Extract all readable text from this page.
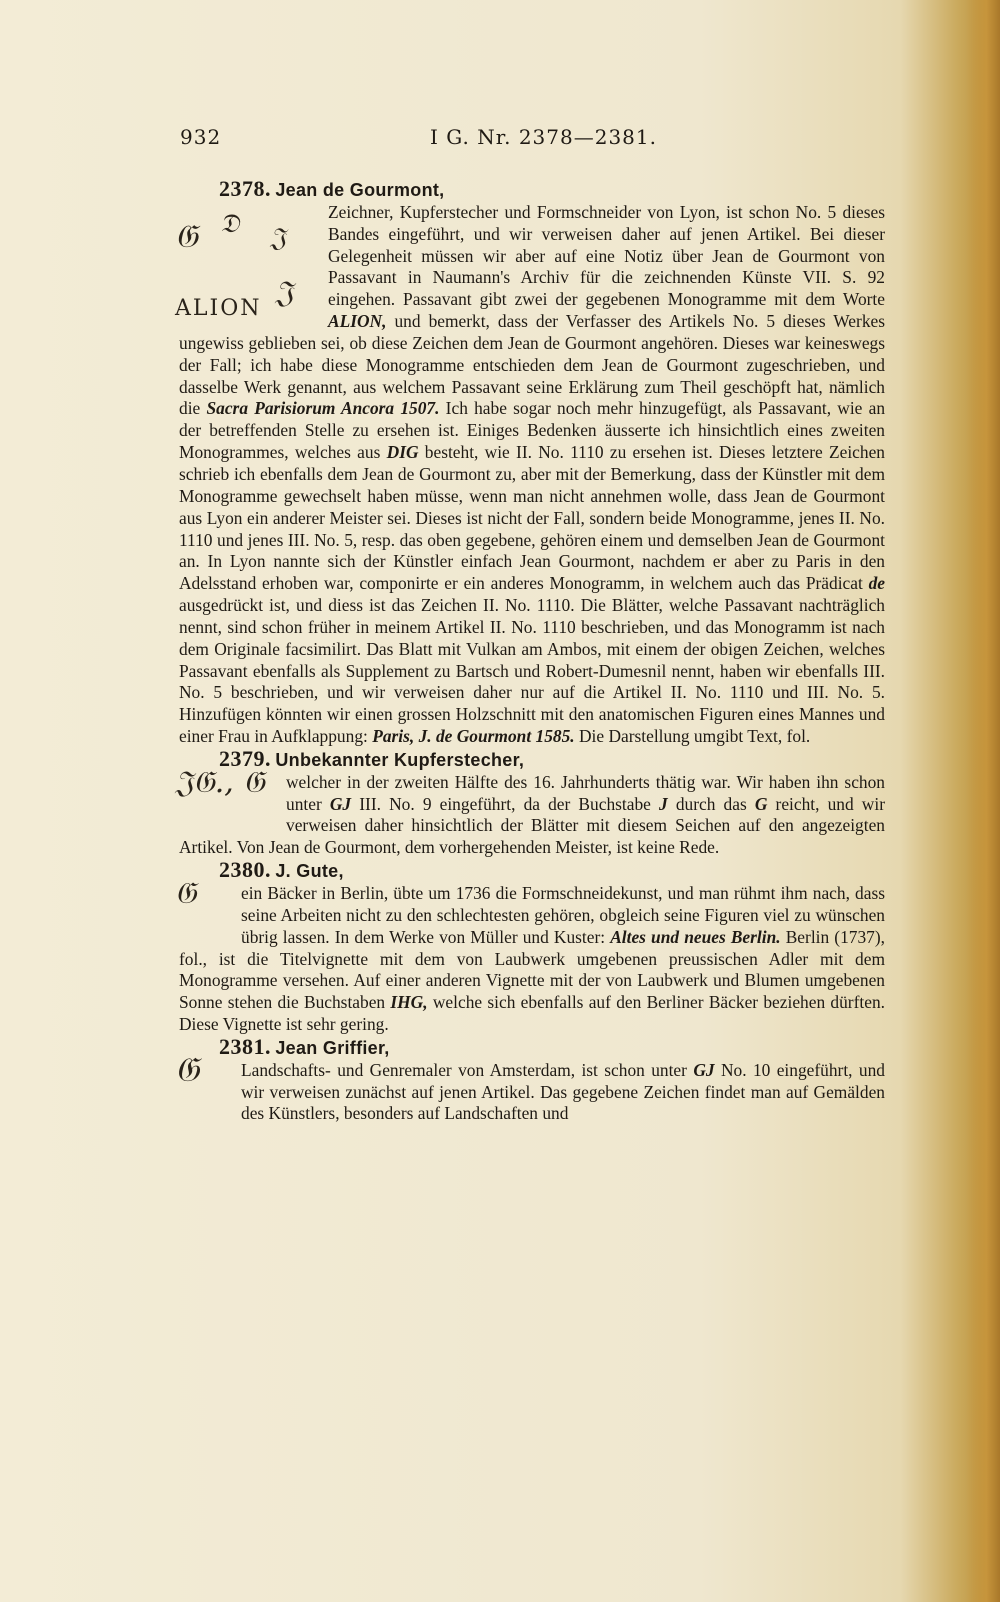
932	I G. Nr. 2378—2381.

2378. Jean de Gourmont,

𝔊 𝔇 𝔍
𝔍
ALION

Zeichner, Kupferstecher und Formschneider von Lyon, ist schon No. 5 dieses Bandes eingeführt, und wir verweisen daher auf jenen Artikel. Bei dieser Gelegenheit müssen wir aber auf eine Notiz über Jean de Gourmont von Passavant in Naumann's Archiv für die zeichnenden Künste VII. S. 92 eingehen. Passavant gibt zwei der gegebenen Monogramme mit dem Worte ALION, und bemerkt, dass der Verfasser des Artikels No. 5 dieses Werkes ungewiss geblieben sei, ob diese Zeichen dem Jean de Gourmont angehören. Dieses war keineswegs der Fall; ich habe diese Monogramme entschieden dem Jean de Gourmont zugeschrieben, und dasselbe Werk genannt, aus welchem Passavant seine Erklärung zum Theil geschöpft hat, nämlich die Sacra Parisiorum Ancora 1507. Ich habe sogar noch mehr hinzugefügt, als Passavant, wie an der betreffenden Stelle zu ersehen ist. Einiges Bedenken äusserte ich hinsichtlich eines zweiten Monogrammes, welches aus DIG besteht, wie II. No. 1110 zu ersehen ist. Dieses letztere Zeichen schrieb ich ebenfalls dem Jean de Gourmont zu, aber mit der Bemerkung, dass der Künstler mit dem Monogramme gewechselt haben müsse, wenn man nicht annehmen wolle, dass Jean de Gourmont aus Lyon ein anderer Meister sei. Dieses ist nicht der Fall, sondern beide Monogramme, jenes II. No. 1110 und jenes III. No. 5, resp. das oben gegebene, gehören einem und demselben Jean de Gourmont an. In Lyon nannte sich der Künstler einfach Jean Gourmont, nachdem er aber zu Paris in den Adelsstand erhoben war, componirte er ein anderes Monogramm, in welchem auch das Prädicat de ausgedrückt ist, und diess ist das Zeichen II. No. 1110. Die Blätter, welche Passavant nachträglich nennt, sind schon früher in meinem Artikel II. No. 1110 beschrieben, und das Monogramm ist nach dem Originale facsimilirt. Das Blatt mit Vulkan am Ambos, mit einem der obigen Zeichen, welches Passavant ebenfalls als Supplement zu Bartsch und Robert-Dumesnil nennt, haben wir ebenfalls III. No. 5 beschrieben, und wir verweisen daher nur auf die Artikel II. No. 1110 und III. No. 5. Hinzufügen könnten wir einen grossen Holzschnitt mit den anatomischen Figuren eines Mannes und einer Frau in Aufklappung: Paris, J. de Gourmont 1585. Die Darstellung umgibt Text, fol.

2379. Unbekannter Kupferstecher,

𝔍𝔊., 𝔊	welcher in der zweiten Hälfte des 16. Jahrhunderts thätig war. Wir haben ihn schon unter GJ III. No. 9 eingeführt, da der Buchstabe J durch das G reicht, und wir verweisen daher hinsichtlich der Blätter mit diesem Seichen auf den angezeigten Artikel. Von Jean de Gourmont, dem vorhergehenden Meister, ist keine Rede.

2380. J. Gute,

𝔊	ein Bäcker in Berlin, übte um 1736 die Formschneidekunst, und man rühmt ihm nach, dass seine Arbeiten nicht zu den schlechtesten gehören, obgleich seine Figuren viel zu wünschen übrig lassen. In dem Werke von Müller und Kuster: Altes und neues Berlin. Berlin (1737), fol., ist die Titelvignette mit dem von Laubwerk umgebenen preussischen Adler mit dem Monogramme versehen. Auf einer anderen Vignette mit der von Laubwerk und Blumen umgebenen Sonne stehen die Buchstaben IHG, welche sich ebenfalls auf den Berliner Bäcker beziehen dürften. Diese Vignette ist sehr gering.

2381. Jean Griffier,

𝔊	Landschafts- und Genremaler von Amsterdam, ist schon unter GJ No. 10 eingeführt, und wir verweisen zunächst auf jenen Artikel. Das gegebene Zeichen findet man auf Gemälden des Künstlers, besonders auf Landschaften und
